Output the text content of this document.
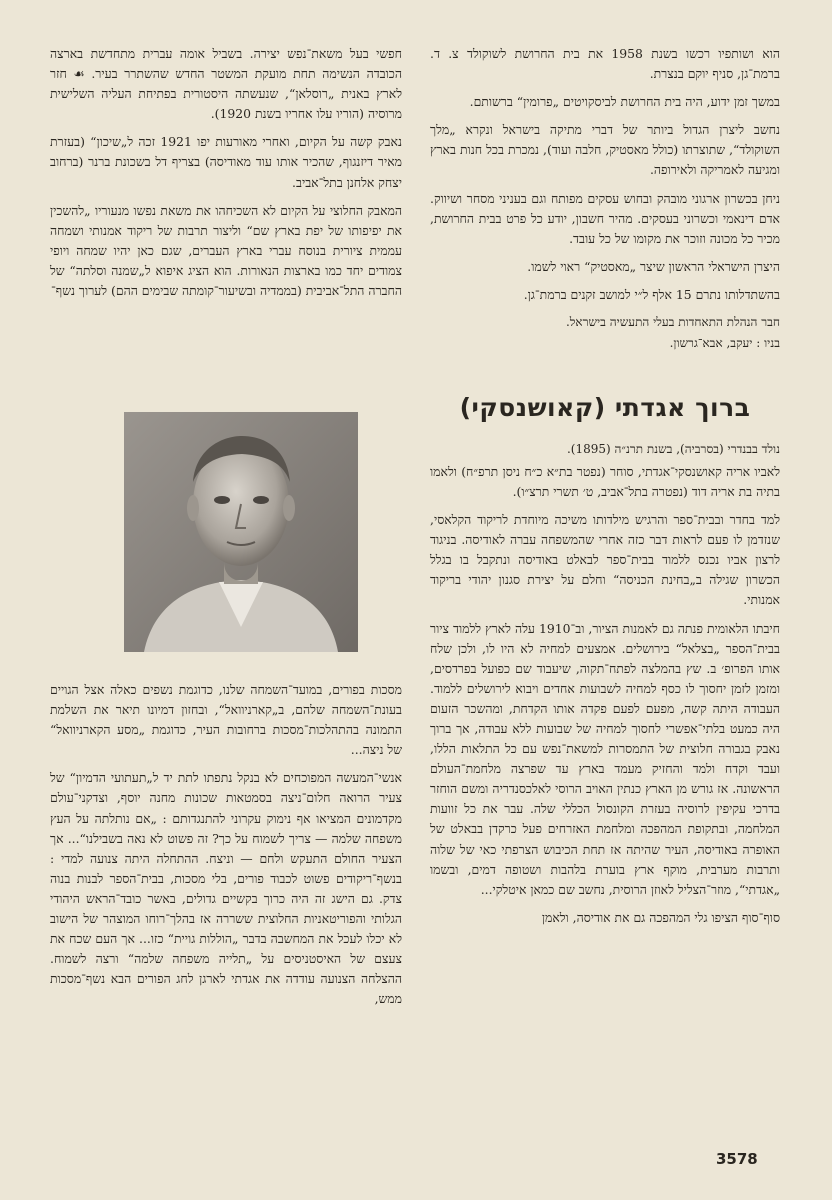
הוא ושותפיו רכשו בשנת 1958 את בית החרושת לשוקולד צ. ד. ברמת־גן, סניף יוקם בנצרת.

במשך זמן ידוע, היה בית החרושת לביסקויטים „פרומין“ ברשותם.

נחשב ליצרן הגדול ביותר של דברי מתיקה בישראל ונקרא „מלך השוקולד“, שתוצרתו (כולל מאסטיק, חלבה ועוד), נמכרת בכל חנות בארץ ומגיעה לאמריקה ולאירופה.

ניחן בכשרון ארגוני מובהק ובחוש עסקים מפותח וגם בעניני מסחר ושיווק. אדם דינאמי וכשרוני בעסקים. מהיר חשבון, יודע כל פרט בבית החרושת, מכיר כל מכונה וזוכר את מקומו של כל עובד.

היצרן הישראלי הראשון שיצר „מאסטיק“ ראוי לשמו.

בהשתדלותו נתרם 15 אלף ל״י למושב זקנים ברמת־גן.

חבר הנהלת התאחדות בעלי התעשיה בישראל.

בניו : יעקב, אבא־גרשון.

ברוך אגדתי (קאושנסקי)

נולד בבנדרי (בסרביה), בשנת תרנ״ה (1895).

לאביו אריה קאושנסקי־אגדתי, סוחר (נפטר בת״א כ״ח ניסן תרפ״ח) ולאמו בתיה בת אריה דוד (נפטרה בתל־אביב, ט׳ תשרי תרצ״ו).

למד בחדר ובבית־ספר והרגיש מילדותו משיכה מיוחדת לריקוד הקלאסי, שנזדמן לו פעם לראות דבר כזה אחרי שהמשפחה עברה לאודיסה. בניגוד לרצון אביו נכנס ללמוד בבית־ספר לבאלט באודיסה ונתקבל בו בגלל הכשרון שגילה ב„בחינת הכניסה“ וחלם על יצירת סגנון יהודי בריקוד אמנותי.

חיבתו הלאומית פנתה גם לאמנות הציור, וב־1910 עלה לארץ ללמוד ציור בבית־הספר „בצלאל“ בירושלים. אמצעים למחיה לא היו לו, ולכן שלח אותו הפרופ׳ ב. שץ בהמלצה לפתח־תקוה, שיעבוד שם כפועל בפרדסים, ומזמן לזמן יחסוך לו כסף למחיה לשבועות אחדים ויבוא לירושלים ללמוד. העבודה היתה קשה, מפעם לפעם פקדה אותו הקדחת, ומהשכר הזעום היה כמעט בלתי־אפשרי לחסוך למחיה של שבועות ללא עבודה, אך ברוך נאבק בגבורה חלוצית של התמסרות למשאת־נפש עם כל התלאות הללו, ועבד וקדח ולמד והחזיק מעמד בארץ עד שפרצה מלחמת־העולם הראשונה. אז גורש מן הארץ כנתין האויב הרוסי לאלכסנדריה ומשם הוחזר בדרכי עקיפין לרוסיה בעזרת הקונסול הכללי שלה. עבר את כל זוועות המלחמה, ובתקופת המהפכה ומלחמת האזרחים פעל כרקדן בבאלט של האופרה באודיסה, העיר שהיתה אז תחת הכיבוש הצרפתי כאי של שלוה ותרבות מערבית, מוקף ארץ בוערת בלהבות ושטופה דמים, ובשמו „אגדתי“, מוזר־הצליל לאוזן הרוסית, נחשב שם כמאן איטלקי...

סוף־סוף הציפו גלי המהפכה גם את אודיסה, ולאמן

חפשי בעל משאת־נפש יצירה. בשביל אומה עברית מתחדשת בארצה הכובדה הנשימה תחת מועקת המשטר החדש שהשתרר בעיר. ☙ חזר לארץ באנית „רוסלאן“, שנעשתה היסטורית בפתיחת העליה השלישית מרוסיה (הוריו עלו אחריו בשנת 1920).

נאבק קשה על הקיום, ואחרי מאורעות יפו 1921 זכה ל„שיכון“ (בעזרת מאיר דיזנגוף, שהכיר אותו עוד מאודיסה) בצריף דל בשכונת ברנר (ברחוב יצחק אלחנן בתל־אביב.

המאבק החלוצי על הקיום לא השכיחהו את משאת נפשו מנעוריו „להשכין את יפיפותו של יפת בארץ שם“ וליצור תרבות של ריקוד אמנותי ושמחה עממית ציורית בנוסח עברי בארץ העברים, שגם כאן יהיו שמחה ויופי צמודים יחד כמו בארצות הנאורות. הוא הציג איפוא ל„שמנה וסלתה“ של החברה התל־אביבית (בממדיה ובשיעור־קומתה שבימים ההם) לערוך נשף־

מסכות בפורים, במועד־השמחה שלנו, כדוגמת נשפים כאלה אצל הגויים בעונת־השמחה שלהם, ב„קארניוואל“, ובחזון דמיונו תיאר את השלמת התמונה בהתהלכות־מסכות ברחובות העיר, כדוגמת „מסע הקארניוואל“ של ניצה...

אנשי־המעשה המפוכחים לא בנקל נתפתו לתת יד ל„תעתועי הדמיון“ של צעיר הרואה חלום־ניצה בסמטאות שכונות מחנה יוסף, וצדקני־עולם מקדמונים המציאו אף נימוק עקרוני להתנגדותם : „אם נותלתה על העץ משפחה שלמה — צריך לשמוח על כך? זה פשוט לא נאה בשבילנו“... אך הצעיר החולם התעקש ולחם — וניצח. ההתחלה היתה צנועה למדי : בנשף־ריקודים פשוט לכבוד פורים, בלי מסכות, בבית־הספר לבנות בנוה צדק. גם הישג זה היה כרוך בקשיים גדולים, באשר כובד־הראש היהודי הגלותי והפוריטאניות החלוצית ששררה אז בהלך־רוחו המוצהר של הישוב לא יכלו לעכל את המחשבה בדבר „הוללות גויית“ כזו... אך העם שכח את צעצם של האיסטניסים על „תלייה משפחה שלמה“ ורצה לשמוח. ההצלחה הצנועה עודדה את אגדתי לארגן לחג הפורים הבא נשף־מסכות ממש,

3578
